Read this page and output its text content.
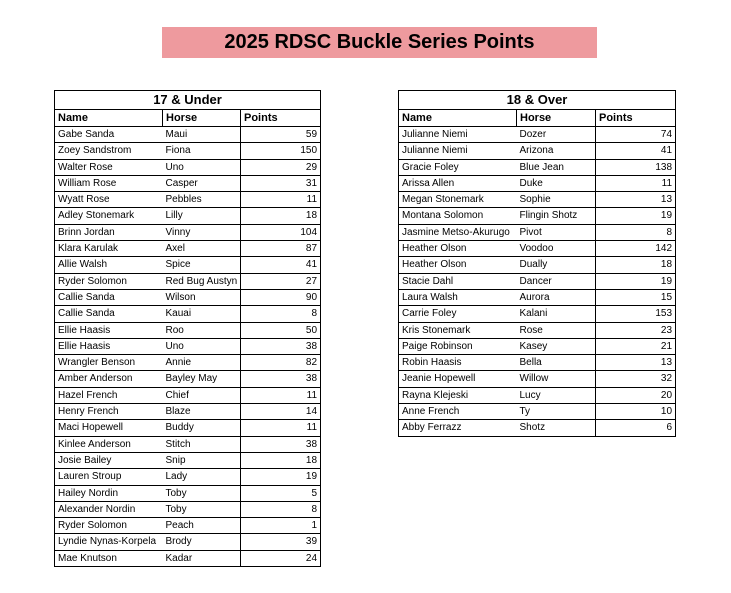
2025 RDSC Buckle Series Points
17 & Under		
Name	Horse	Points
Gabe Sanda	Maui	59
Zoey Sandstrom	Fiona	150
Walter Rose	Uno	29
William Rose	Casper	31
Wyatt Rose	Pebbles	11
Adley Stonemark	Lilly	18
Brinn Jordan	Vinny	104
Klara Karulak	Axel	87
Allie Walsh	Spice	41
Ryder Solomon	Red Bug Austyn	27
Callie Sanda	Wilson	90
Callie Sanda	Kauai	8
Ellie Haasis	Roo	50
Ellie Haasis	Uno	38
Wrangler Benson	Annie	82
Amber Anderson	Bayley May	38
Hazel French	Chief	11
Henry French	Blaze	14
Maci Hopewell	Buddy	11
Kinlee Anderson	Stitch	38
Josie Bailey	Snip	18
Lauren Stroup	Lady	19
Hailey Nordin	Toby	5
Alexander Nordin	Toby	8
Ryder Solomon	Peach	1
Lyndie Nynas-Korpela	Brody	39
Mae Knutson	Kadar	24
18 & Over		
Name	Horse	Points
Julianne Niemi	Dozer	74
Julianne Niemi	Arizona	41
Gracie Foley	Blue Jean	138
Arissa Allen	Duke	11
Megan Stonemark	Sophie	13
Montana Solomon	Flingin Shotz	19
Jasmine Metso-Akurugo	Pivot	8
Heather Olson	Voodoo	142
Heather Olson	Dually	18
Stacie Dahl	Dancer	19
Laura Walsh	Aurora	15
Carrie Foley	Kalani	153
Kris Stonemark	Rose	23
Paige Robinson	Kasey	21
Robin Haasis	Bella	13
Jeanie Hopewell	Willow	32
Rayna Klejeski	Lucy	20
Anne French	Ty	10
Abby Ferrazz	Shotz	6
